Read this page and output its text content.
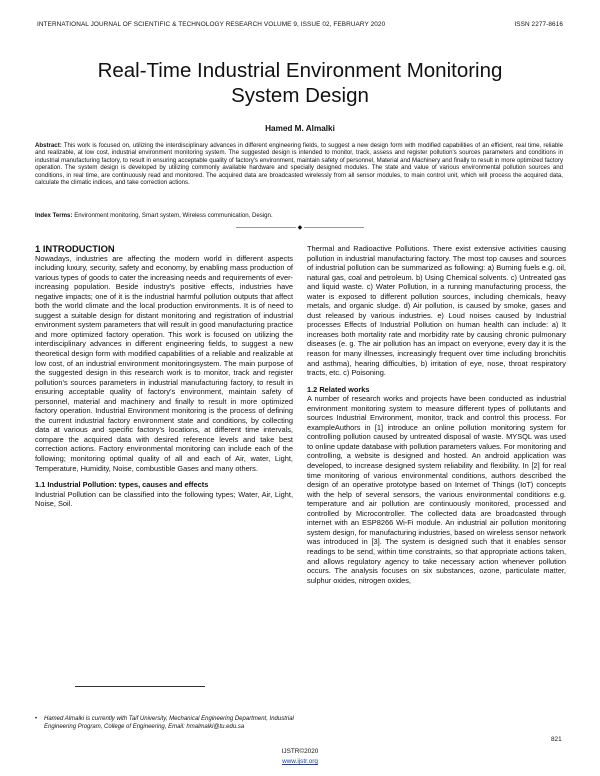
INTERNATIONAL JOURNAL OF SCIENTIFIC & TECHNOLOGY RESEARCH VOLUME 9, ISSUE 02, FEBRUARY 2020	ISSN 2277-8616
Real-Time Industrial Environment Monitoring
System Design
Hamed M. Almalki
Abstract: This work is focused on, utilizing the interdisciplinary advances in different engineering fields, to suggest a new design form with modified capabilities of an efficient, real time, reliable and realizable, at low cost, industrial environment monitoring system. The suggested design is intended to monitor, track, assess and register pollution's sources parameters and conditions in industrial manufacturing factory, to result in ensuring acceptable quality of factory's environment, maintain safety of personnel, Material and Machinery and finally to result in more optimized factory operation. The system design is developed by utilizing commonly available hardware and specially designed modules. The state and value of various environmental pollution sources and conditions, in real time, are continuously read and monitored. The acquired data are broadcasted wirelessly from all sensor modules, to main control unit, which will process the acquired data, calculate the climatic indices, and take correction actions.
Index Terms: Environment monitoring, Smart system, Wireless communication, Design.
—————————— ◆ ——————————

1 INTRODUCTION

Nowadays, industries are affecting the modern world in different aspects including luxury, security, safety and economy, by enabling mass production of various types of goods to cater the increasing needs and requirements of ever-increasing population. Beside industry's positive effects, industries have negative impacts; one of it is the industrial harmful pollution outputs that affect both the world climate and the local production environments. It is of need to suggest a suitable design for distant monitoring and registration of industrial environment system parameters that will result in good manufacturing practice and more optimized factory operation. This work is focused on utilizing the interdisciplinary advances in different engineering fields, to suggest a new theoretical design form with modified capabilities of a reliable and realizable at low cost, of an industrial environment monitoringsystem. The main purpose of the suggested design in this research work is to monitor, track and register pollution's sources parameters in industrial manufacturing factory, to result in ensuring acceptable quality of factory's environment, maintain safety of personnel, material and machinery and finally to result in more optimized factory operation. Industrial Environment monitoring is the process of defining the current industrial factory environment state and conditions, by collecting data at various and specific factory's locations, at different time intervals, compare the acquired data with desired reference levels and take best correction actions. Factory environmental monitoring can include each of the following; monitoring optimal quality of all and each of Air, water, Light, Temperature, Humidity, Noise, combustible Gases and many others.

1.1 Industrial Pollution: types, causes and effects

Industrial Pollution can be classified into the following types; Water, Air, Light, Noise, Soil.

• Hamed Almalki is currently with Taif University, Mechanical Engineering Department, Industrial Engineering Program, College of Engineering, Email: hmalmalki@tu.edu.sa

Thermal and Radioactive Pollutions. There exist extensive activities causing pollution in industrial manufacturing factory. The most top causes and sources of industrial pollution can be summarized as following: a) Burning fuels e.g. oil, natural gas, coal and petroleum. b) Using Chemical solvents. c) Untreated gas and liquid waste. c) Water Pollution, in a running manufacturing process, the water is exposed to different pollution sources, including chemicals, heavy metals, and organic sludge. d) Air pollution, is caused by smoke, gases and dust released by various industries. e) Loud noises caused by Industrial processes Effects of Industrial Pollution on human health can include: a) It increases both mortality rate and morbidity rate by causing chronic pulmonary diseases (e. g. The air pollution has an impact on everyone, every day it is the reason for many illnesses, increasingly frequent over time including bronchitis and asthma), hearing difficulties, b) irritation of eye, nose, throat respiratory tracts, etc. c) Poisoning.

1.2 Related works

A number of research works and projects have been conducted as industrial environment monitoring system to measure different types of pollutants and sources Industrial Environment, monitor, track and control this process. For exampleAuthors in [1] introduce an online pollution monitoring system for controlling pollution caused by untreated disposal of waste. MYSQL was used to online update database with pollution parameters values. For monitoring and controlling, a website is designed and hosted. An android application was developed, to increase designed system reliability and flexibility. In [2] for real time monitoring of various environmental conditions, authors described the design of an operative prototype based on Internet of Things (IoT) concepts with the help of several sensors, the various environmental conditions e.g. temperature and air pollution are continuously monitored, processed and controlled by Microcontroller. The collected data are broadcasted through internet with an ESP8266 Wi-Fi module. An industrial air pollution monitoring system design, for manufacturing industries, based on wireless sensor network was introduced in [3]. The system is designed such that it enables sensor readings to be send, within time constraints, so that appropriate actions taken, and allows regulatory agency to take necessary action whenever pollution occurs. The analysis focuses on six substances, ozone, particulate matter, sulphur oxides, nitrogen oxides,

821
IJSTR©2020
www.ijstr.org
